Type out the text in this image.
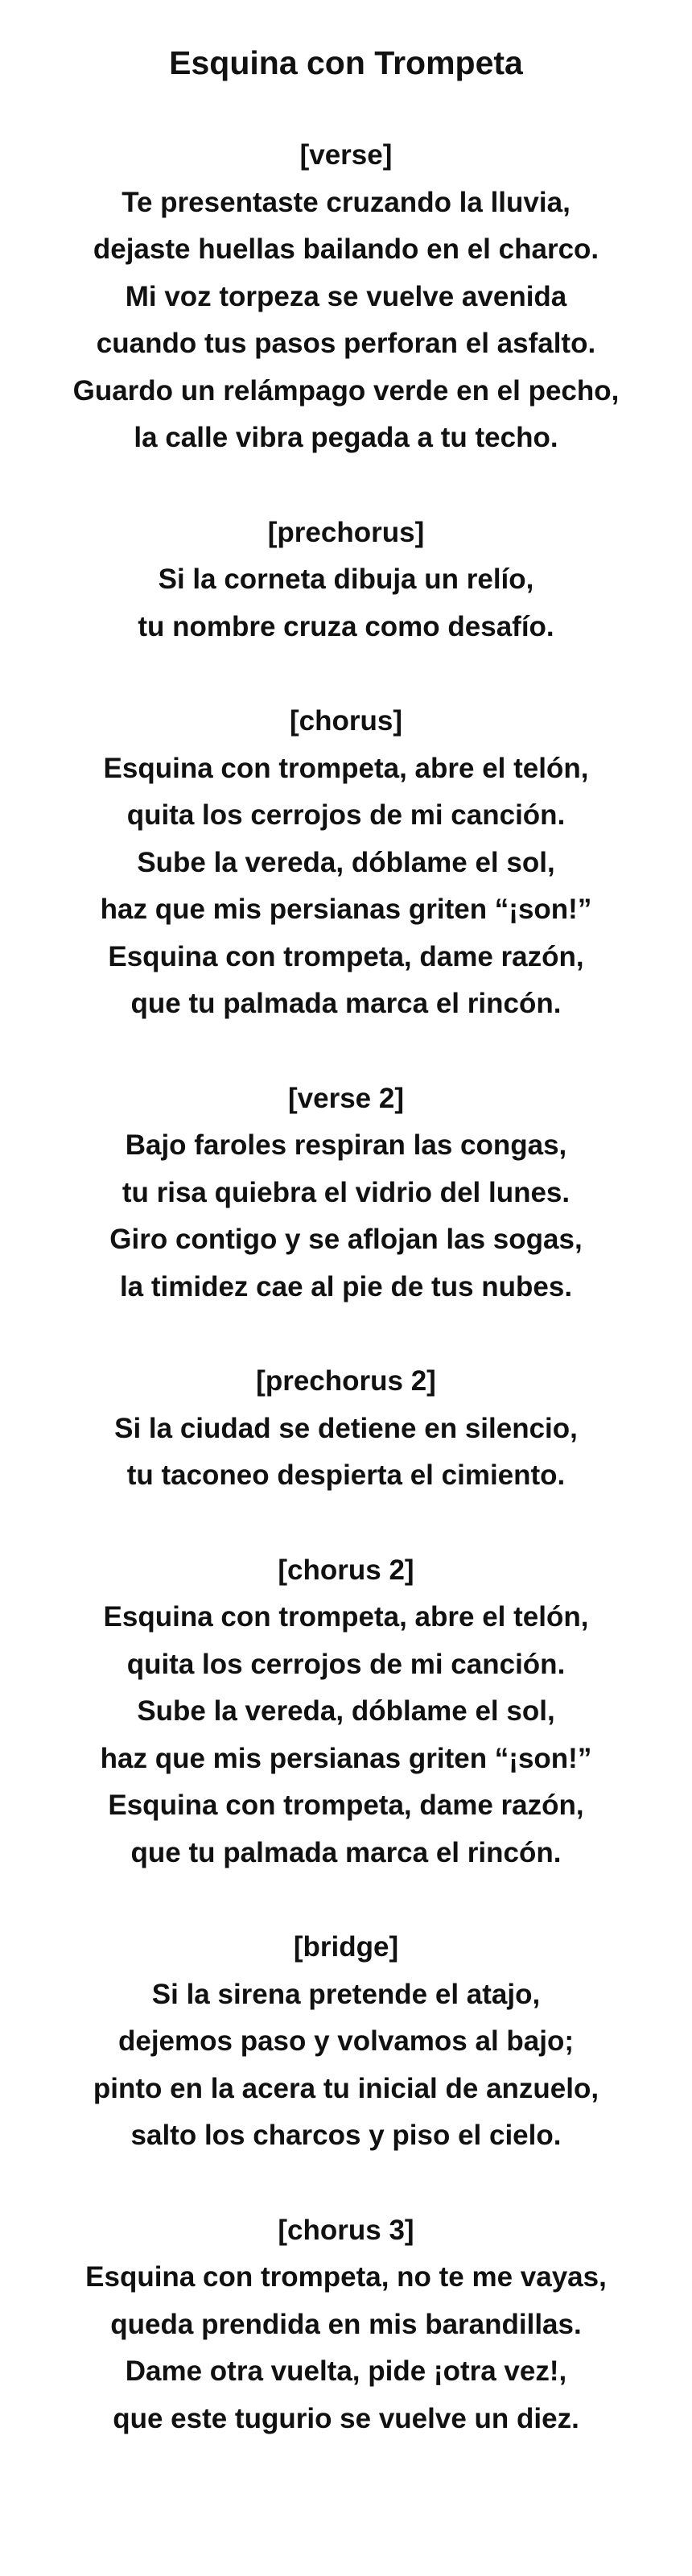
Esquina con Trompeta

[verse]

Te presentaste cruzando la lluvia,

dejaste huellas bailando en el charco.

Mi voz torpeza se vuelve avenida

cuando tus pasos perforan el asfalto.

Guardo un relámpago verde en el pecho,

la calle vibra pegada a tu techo.

[prechorus]

Si la corneta dibuja un relío,

tu nombre cruza como desafío.

[chorus]

Esquina con trompeta, abre el telón,

quita los cerrojos de mi canción.

Sube la vereda, dóblame el sol,

haz que mis persianas griten “¡son!”

Esquina con trompeta, dame razón,

que tu palmada marca el rincón.

[verse 2]

Bajo faroles respiran las congas,

tu risa quiebra el vidrio del lunes.

Giro contigo y se aflojan las sogas,

la timidez cae al pie de tus nubes.

[prechorus 2]

Si la ciudad se detiene en silencio,

tu taconeo despierta el cimiento.

[chorus 2]

Esquina con trompeta, abre el telón,

quita los cerrojos de mi canción.

Sube la vereda, dóblame el sol,

haz que mis persianas griten “¡son!”

Esquina con trompeta, dame razón,

que tu palmada marca el rincón.

[bridge]

Si la sirena pretende el atajo,

dejemos paso y volvamos al bajo;

pinto en la acera tu inicial de anzuelo,

salto los charcos y piso el cielo.

[chorus 3]

Esquina con trompeta, no te me vayas,

queda prendida en mis barandillas.

Dame otra vuelta, pide ¡otra vez!,

que este tugurio se vuelve un diez.
